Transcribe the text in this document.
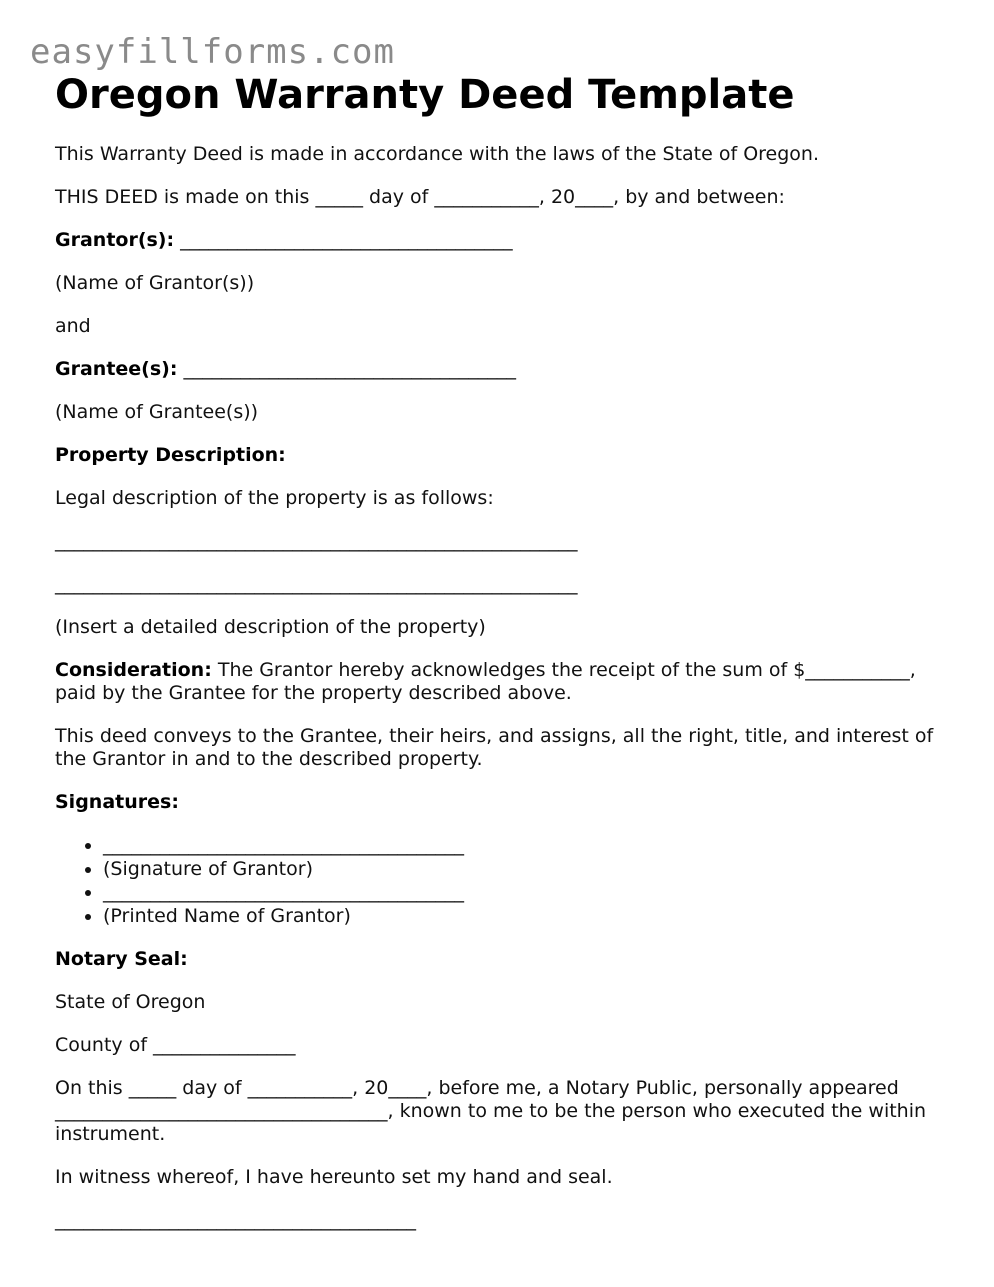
easyfillforms.com
Oregon Warranty Deed Template

This Warranty Deed is made in accordance with the laws of the State of Oregon.

THIS DEED is made on this _____ day of ___________, 20____, by and between:

Grantor(s): ___________________________________

(Name of Grantor(s))

and

Grantee(s): ___________________________________

(Name of Grantee(s))

Property Description:

Legal description of the property is as follows:

_______________________________________________________

_______________________________________________________

(Insert a detailed description of the property)

Consideration: The Grantor hereby acknowledges the receipt of the sum of $___________, paid by the Grantee for the property described above.

This deed conveys to the Grantee, their heirs, and assigns, all the right, title, and interest of the Grantor in and to the described property.

Signatures:

• ______________________________________
• (Signature of Grantor)
• ______________________________________
• (Printed Name of Grantor)

Notary Seal:

State of Oregon

County of _______________

On this _____ day of ___________, 20____, before me, a Notary Public, personally appeared ___________________________________, known to me to be the person who executed the within instrument.

In witness whereof, I have hereunto set my hand and seal.

______________________________________
